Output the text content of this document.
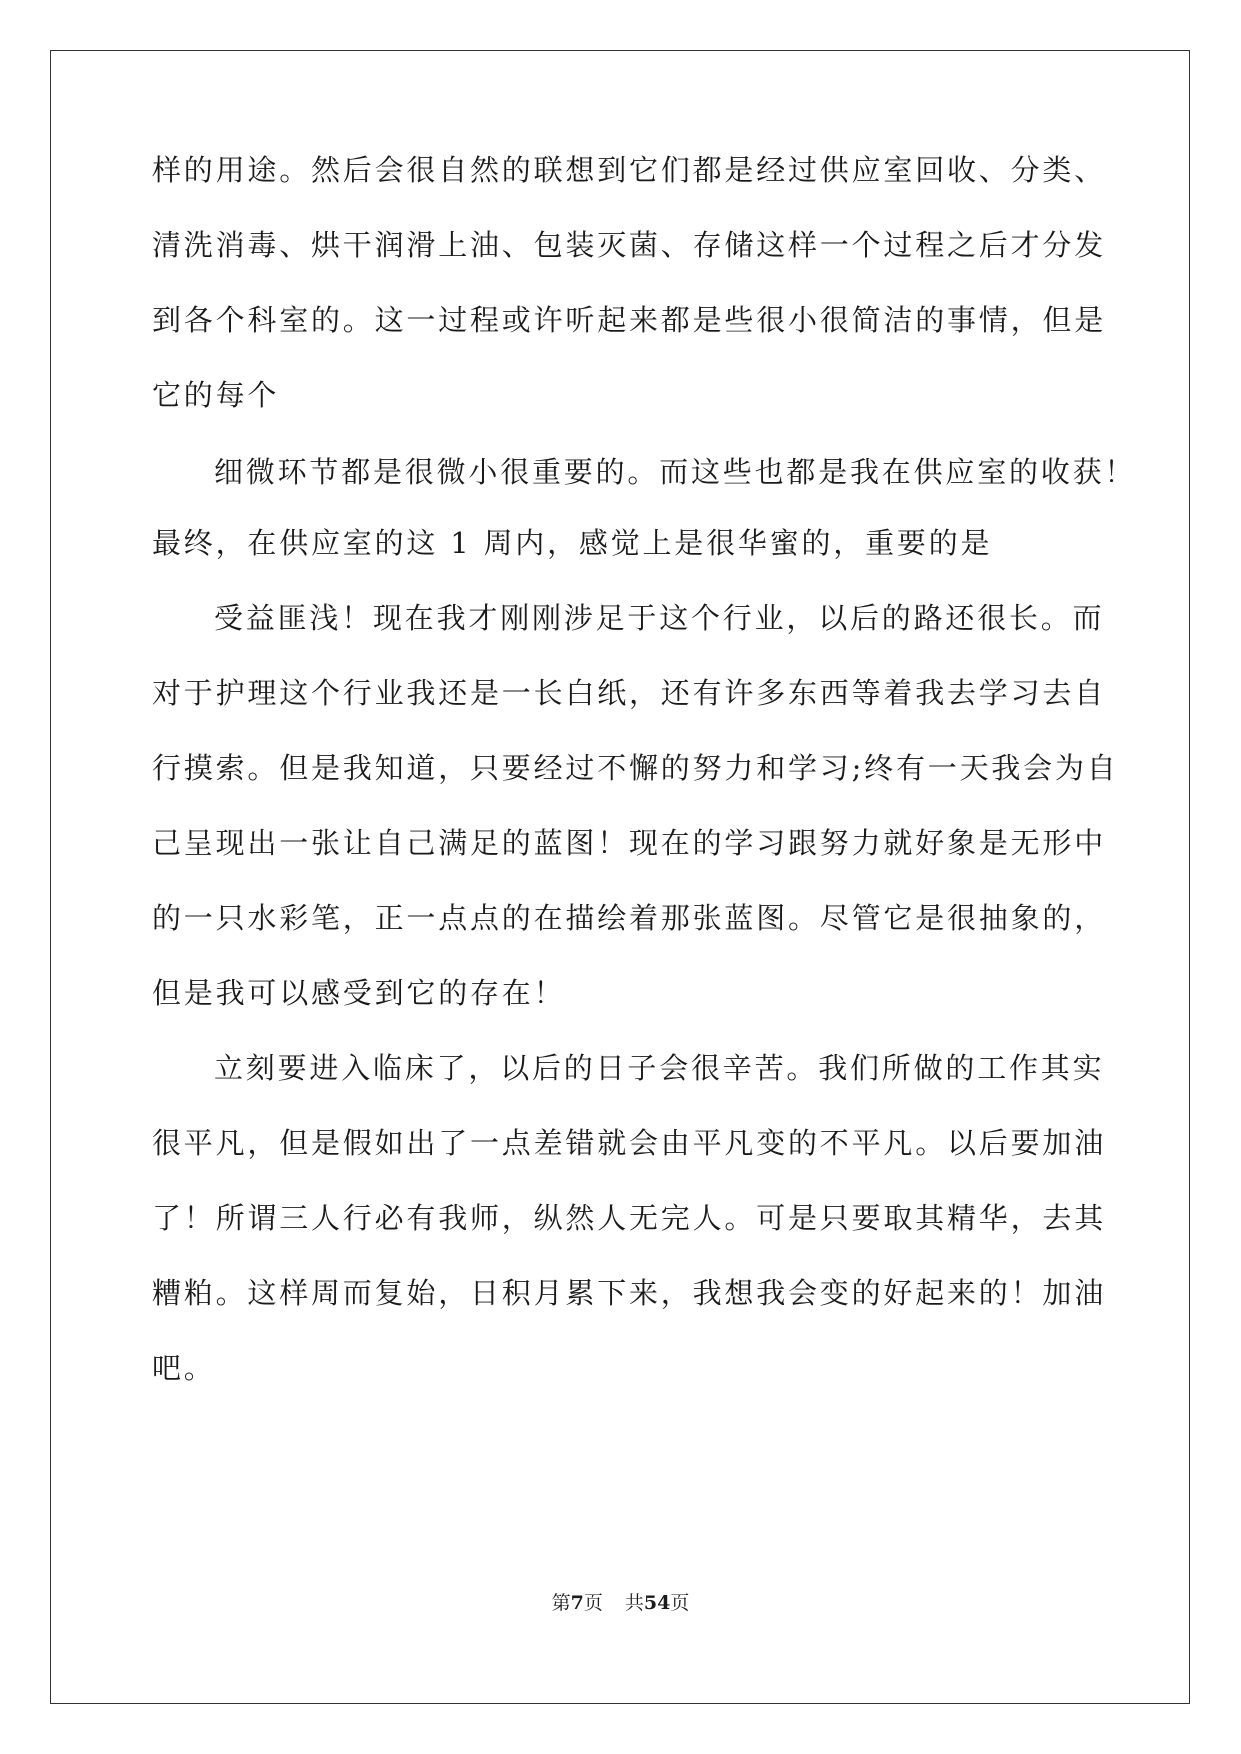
样的用途。然后会很自然的联想到它们都是经过供应室回收、分类、
清洗消毒、烘干润滑上油、包装灭菌、存储这样一个过程之后才分发
到各个科室的。这一过程或许听起来都是些很小很简洁的事情，但是
它的每个
细微环节都是很微小很重要的。而这些也都是我在供应室的收获！
最终，在供应室的这 1 周内，感觉上是很华蜜的，重要的是
受益匪浅！现在我才刚刚涉足于这个行业，以后的路还很长。而
对于护理这个行业我还是一长白纸，还有许多东西等着我去学习去自
行摸索。但是我知道，只要经过不懈的努力和学习;终有一天我会为自
己呈现出一张让自己满足的蓝图！现在的学习跟努力就好象是无形中
的一只水彩笔，正一点点的在描绘着那张蓝图。尽管它是很抽象的，
但是我可以感受到它的存在！
立刻要进入临床了，以后的日子会很辛苦。我们所做的工作其实
很平凡，但是假如出了一点差错就会由平凡变的不平凡。以后要加油
了！所谓三人行必有我师，纵然人无完人。可是只要取其精华，去其
糟粕。这样周而复始，日积月累下来，我想我会变的好起来的！加油
吧。
第7页 共54页
